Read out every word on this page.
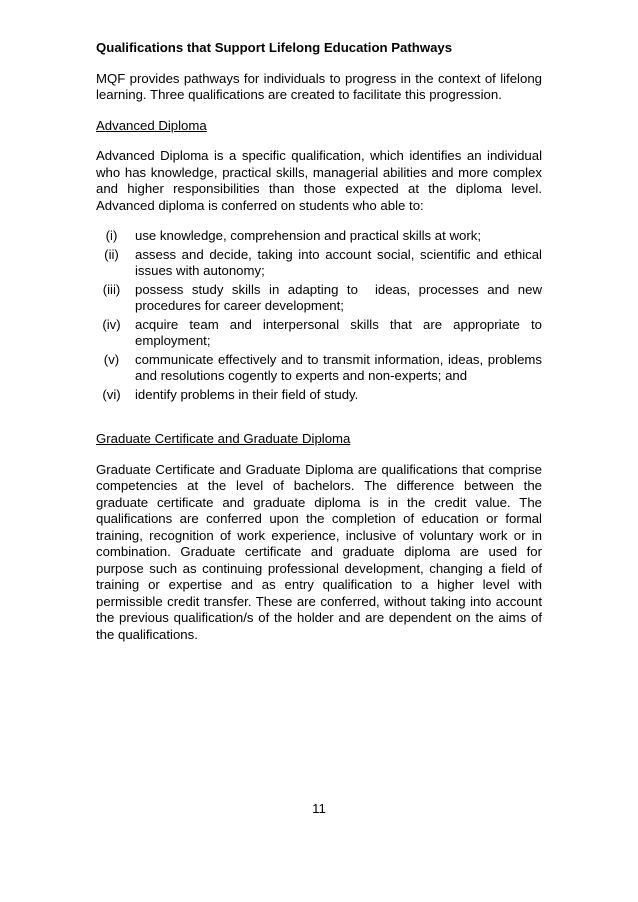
Qualifications that Support Lifelong Education Pathways
MQF provides pathways for individuals to progress in the context of lifelong learning. Three qualifications are created to facilitate this progression.
Advanced Diploma
Advanced Diploma is a specific qualification, which identifies an individual who has knowledge, practical skills, managerial abilities and more complex and higher responsibilities than those expected at the diploma level. Advanced diploma is conferred on students who able to:
(i)	use knowledge, comprehension and practical skills at work;
(ii)	assess and decide, taking into account social, scientific and ethical issues with autonomy;
(iii)	possess study skills in adapting to  ideas, processes and new procedures for career development;
(iv)	acquire team and interpersonal skills that are appropriate to employment;
(v)	communicate effectively and to transmit information, ideas, problems and resolutions cogently to experts and non-experts; and
(vi)	identify problems in their field of study.
Graduate Certificate and Graduate Diploma
Graduate Certificate and Graduate Diploma are qualifications that comprise competencies at the level of bachelors. The difference between the graduate certificate and graduate diploma is in the credit value. The qualifications are conferred upon the completion of education or formal training, recognition of work experience, inclusive of voluntary work or in combination. Graduate certificate and graduate diploma are used for purpose such as continuing professional development, changing a field of training or expertise and as entry qualification to a higher level with permissible credit transfer. These are conferred, without taking into account the previous qualification/s of the holder and are dependent on the aims of the qualifications.
11
